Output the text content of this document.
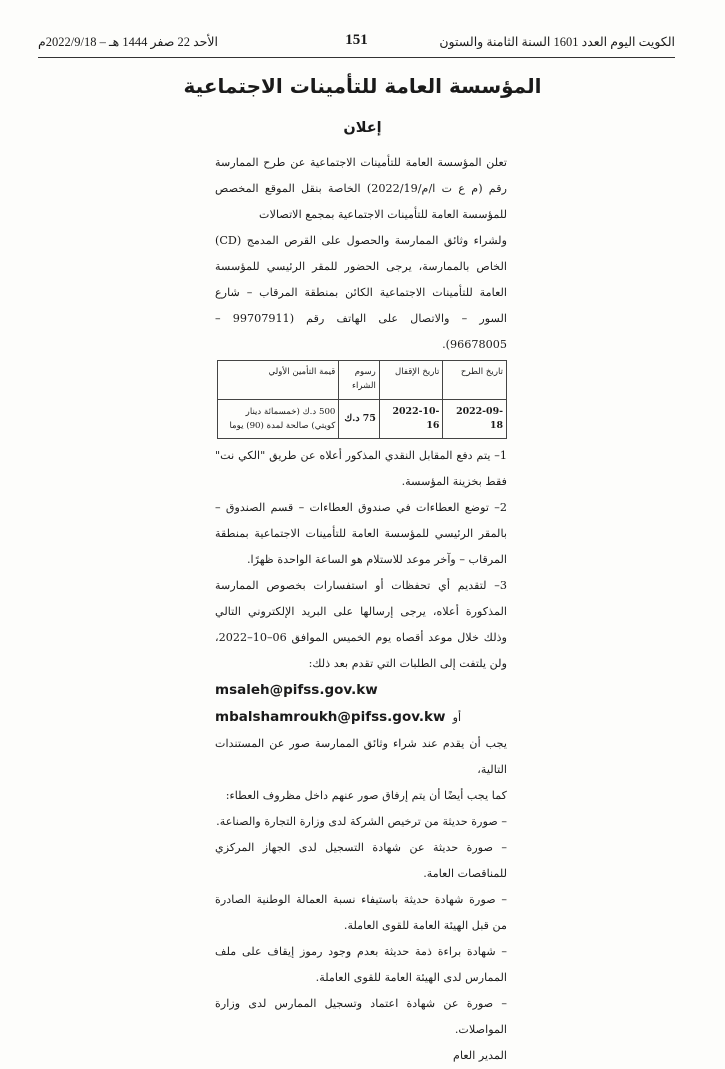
الكويت اليوم العدد 1601 السنة الثامنة والستون
151
الأحد 22 صفر 1444 هـ – 2022/9/18م
المؤسسة العامة للتأمينات الاجتماعية
إعلان

تعلن المؤسسة العامة للتأمينات الاجتماعية عن طرح الممارسة رقم (م ع ت ا/م/2022/19) الخاصة بنقل الموقع المخصص للمؤسسة العامة للتأمينات الاجتماعية بمجمع الاتصالات

ولشراء وثائق الممارسة والحصول على القرص المدمج (CD) الخاص بالممارسة، يرجى الحضور للمقر الرئيسي للمؤسسة العامة للتأمينات الاجتماعية الكائن بمنطقة المرقاب – شارع السور – والاتصال على الهاتف رقم (99707911 – 96678005).

تاريخ الطرح	تاريخ الإقفال	رسوم الشراء	قيمة التأمين الأولي
2022-09-18	2022-10-16	75 د.ك	500 د.ك (خمسمائة دينار كويتي) صالحة لمدة (90) يوما

1– يتم دفع المقابل النقدي المذكور أعلاه عن طريق "الكي نت" فقط بخزينة المؤسسة.

2– توضع العطاءات في صندوق العطاءات – قسم الصندوق – بالمقر الرئيسي للمؤسسة العامة للتأمينات الاجتماعية بمنطقة المرقاب – وآخر موعد للاستلام هو الساعة الواحدة ظهرًا.

3– لتقديم أي تحفظات أو استفسارات بخصوص الممارسة المذكورة أعلاه، يرجى إرسالها على البريد الإلكتروني التالي وذلك خلال موعد أقصاه يوم الخميس الموافق 06–10–2022، ولن يلتفت إلى الطلبات التي تقدم بعد ذلك:

msaleh@pifss.gov.kw

أو  mbalshamroukh@pifss.gov.kw

يجب أن يقدم عند شراء وثائق الممارسة صور عن المستندات التالية،

كما يجب أيضًا أن يتم إرفاق صور عنهم داخل مظروف العطاء:

– صورة حديثة من ترخيص الشركة لدى وزارة التجارة والصناعة.

– صورة حديثة عن شهادة التسجيل لدى الجهاز المركزي للمناقصات العامة.

– صورة شهادة حديثة باستيفاء نسبة العمالة الوطنية الصادرة من قبل الهيئة العامة للقوى العاملة.

– شهادة براءة ذمة حديثة بعدم وجود رموز إيقاف على ملف الممارس لدى الهيئة العامة للقوى العاملة.

– صورة عن شهادة اعتماد وتسجيل الممارس لدى وزارة المواصلات.

المدير العام
